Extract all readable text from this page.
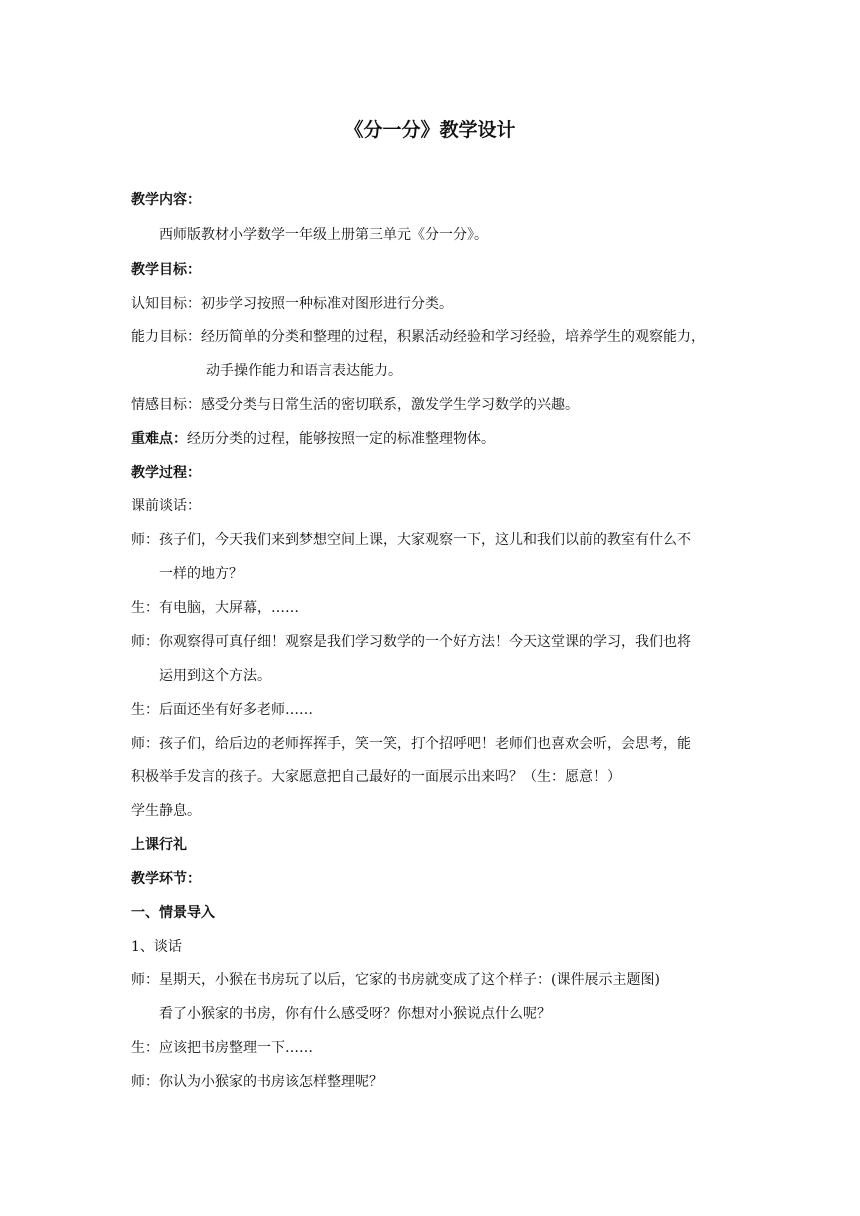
《分一分》教学设计
教学内容：
西师版教材小学数学一年级上册第三单元《分一分》。
教学目标：
认知目标：初步学习按照一种标准对图形进行分类。
能力目标：经历简单的分类和整理的过程，积累活动经验和学习经验，培养学生的观察能力，
动手操作能力和语言表达能力。
情感目标：感受分类与日常生活的密切联系，激发学生学习数学的兴趣。
重难点：经历分类的过程，能够按照一定的标准整理物体。
教学过程：
课前谈话：
师：孩子们，今天我们来到梦想空间上课，大家观察一下，这儿和我们以前的教室有什么不
一样的地方？
生：有电脑，大屏幕，……
师：你观察得可真仔细！观察是我们学习数学的一个好方法！今天这堂课的学习，我们也将
运用到这个方法。
生：后面还坐有好多老师……
师：孩子们，给后边的老师挥挥手，笑一笑，打个招呼吧！老师们也喜欢会听，会思考，能
积极举手发言的孩子。大家愿意把自己最好的一面展示出来吗？（生：愿意！）
学生静息。
上课行礼
教学环节：
一、情景导入
1、谈话
师：星期天，小猴在书房玩了以后，它家的书房就变成了这个样子：(课件展示主题图)
看了小猴家的书房，你有什么感受呀？你想对小猴说点什么呢？
生：应该把书房整理一下……
师：你认为小猴家的书房该怎样整理呢？
